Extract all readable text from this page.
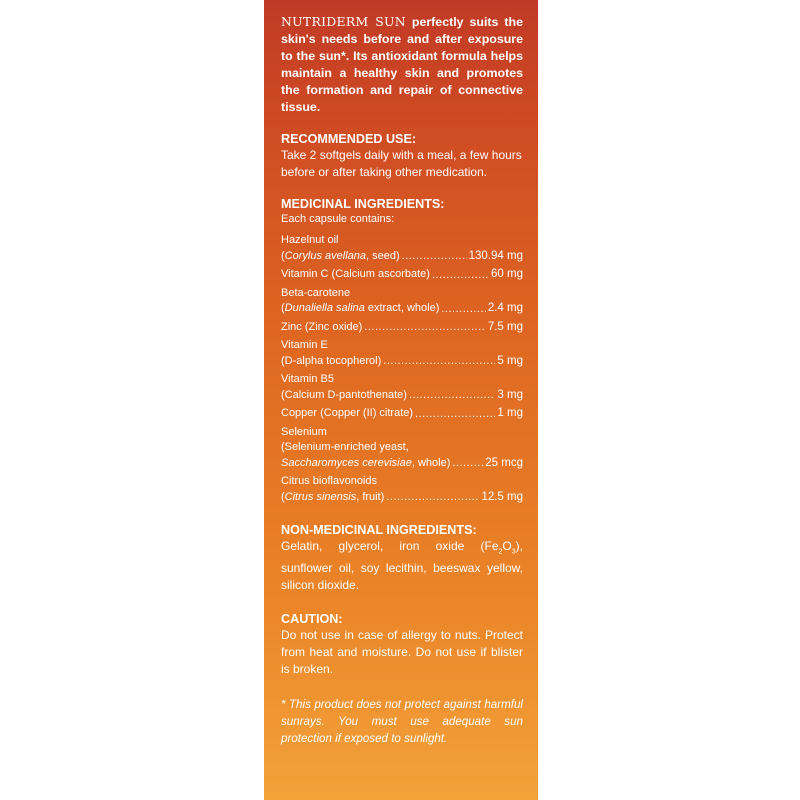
NUTRIDERM SUN perfectly suits the skin's needs before and after exposure to the sun*. Its antioxidant formula helps maintain a healthy skin and promotes the formation and repair of connective tissue.

RECOMMENDED USE:

Take 2 softgels daily with a meal, a few hours before or after taking other medication.

MEDICINAL INGREDIENTS:

Each capsule contains:

Hazelnut oil
(Corylus avellana, seed) .....	130.94 mg
Vitamin C (Calcium ascorbate) .....	60 mg
Beta-carotene
(Dunaliella salina extract, whole) .....	2.4 mg
Zinc (Zinc oxide) .....	7.5 mg
Vitamin E
(D-alpha tocopherol) .....	5 mg
Vitamin B5
(Calcium D-pantothenate) .....	3 mg
Copper (Copper (II) citrate) .....	1 mg
Selenium
(Selenium-enriched yeast,
Saccharomyces cerevisiae, whole) .....	25 mcg
Citrus bioflavonoids
(Citrus sinensis, fruit) .....	12.5 mg

NON-MEDICINAL INGREDIENTS:

Gelatin, glycerol, iron oxide $(Fe_2O_3)$, sunflower oil, soy lecithin, beeswax yellow, silicon dioxide.

CAUTION:

Do not use in case of allergy to nuts. Protect from heat and moisture. Do not use if blister is broken.

* This product does not protect against harmful sunrays. You must use adequate sun protection if exposed to sunlight.
